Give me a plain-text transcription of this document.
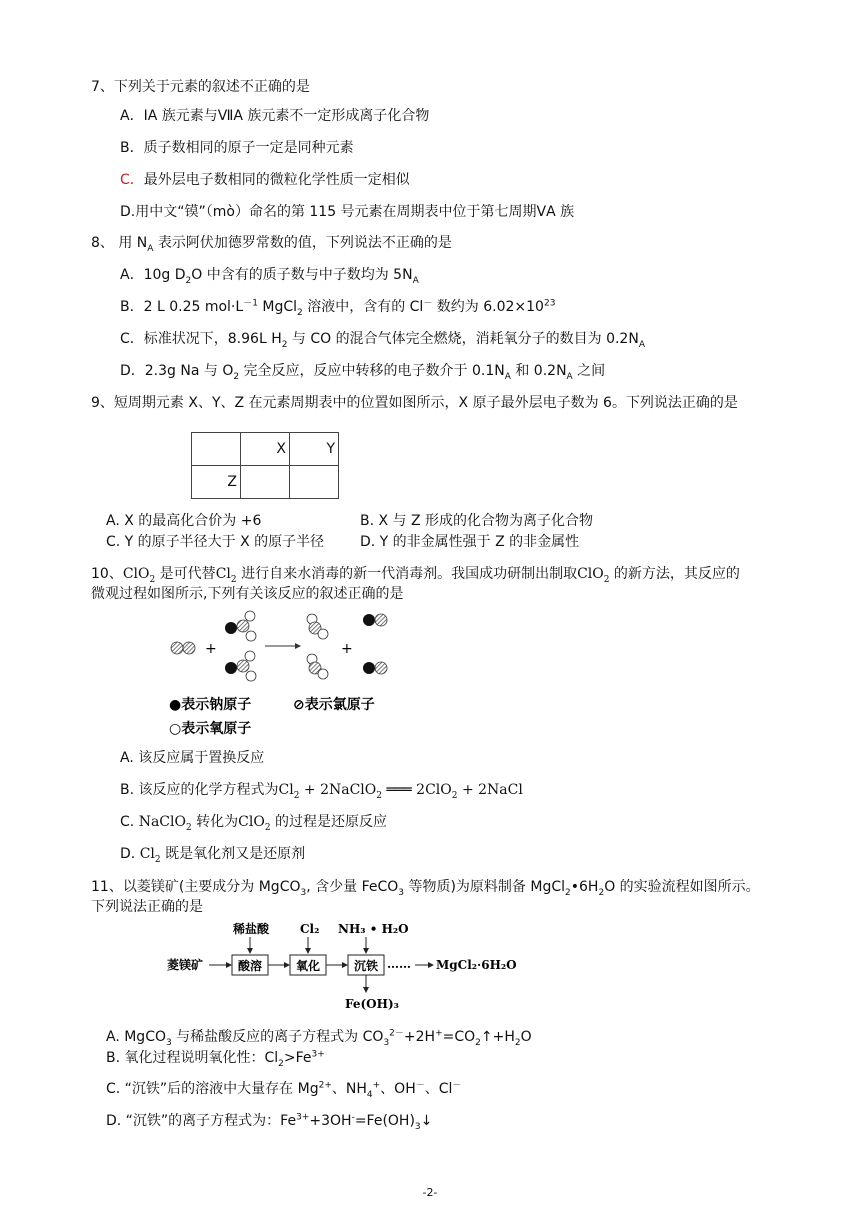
7、下列关于元素的叙述不正确的是
A．ⅠA 族元素与ⅦA 族元素不一定形成离子化合物
B．质子数相同的原子一定是同种元素
C．最外层电子数相同的微粒化学性质一定相似
D.用中文“镆”（mò）命名的第 115 号元素在周期表中位于第七周期ⅤA 族
8、 用 $N_A$ 表示阿伏加德罗常数的值，下列说法不正确的是
A．10g $D_2O$ 中含有的质子数与中子数均为 $5N_A$
B．2 L 0.25 $mol\cdot L^{-1}$ MgCl$_2$ 溶液中，含有的 Cl－ 数约为 $6.02\times 10^{23}$
C．标准状况下，8.96L $H_2$ 与 CO 的混合气体完全燃烧，消耗氧分子的数目为 $0.2N_A$
D．2.3g Na 与 $O_2$ 完全反应，反应中转移的电子数介于 $0.1N_A$ 和 $0.2N_A$ 之间
9、短周期元素 X、Y、Z 在元素周期表中的位置如图所示，X 原子最外层电子数为 6。下列说法正确的是
	X	Y
Z		
A. X 的最高化合价为 +6	B. X 与 Z 形成的化合物为离子化合物
C. Y 的原子半径大于 X 的原子半径	D. Y 的非金属性强于 Z 的非金属性
10、ClO$_2$ 是可代替$Cl_2$ 进行自来水消毒的新一代消毒剂。我国成功研制出制取ClO$_2$ 的新方法，其反应的
微观过程如图所示,下列有关该反应的叙述正确的是
+	+
●表示钠原子	⊘表示氯原子
○表示氧原子
A. 该反应属于置换反应
B. 该反应的化学方程式为$Cl_2$ + 2NaClO$_2$ ═══ 2ClO$_2$ + 2NaCl
C. NaClO$_2$ 转化为ClO$_2$ 的过程是还原反应
D. $Cl_2$ 既是氧化剂又是还原剂
11、以菱镁矿(主要成分为 MgCO$_3$, 含少量 FeCO$_3$ 等物质)为原料制备 $MgCl_2•6H_2O$ 的实验流程如图所示。
下列说法正确的是
菱镁矿
稀盐酸
酸溶
Cl₂
氧化
NH₃ • H₂O
沉铁 …… MgCl₂·6H₂O
Fe(OH)₃
A. MgCO$_3$ 与稀盐酸反应的离子方程式为 $CO_3^{2-}+2H^+=CO_2↑+H_2O$
B. 氧化过程说明氧化性：$Cl_2>Fe^{3+}$
C. “沉铁”后的溶液中大量存在 $Mg^{2+}$、$NH_4^+$、OH－、Cl－
D. “沉铁”的离子方程式为：$Fe^{3+}+3OH^-=Fe(OH)_3↓$
-2-
